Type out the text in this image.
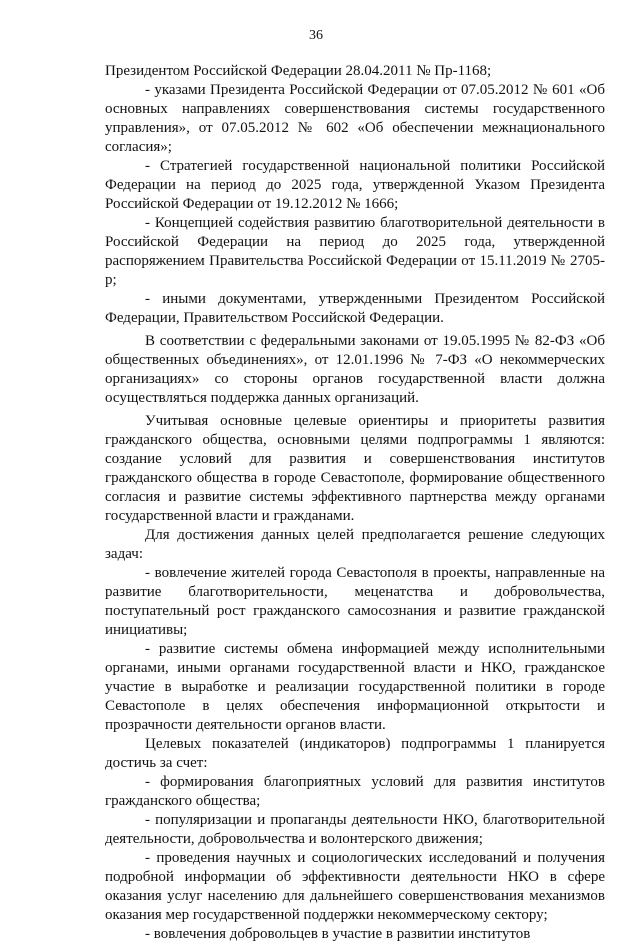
36

Президентом Российской Федерации 28.04.2011 № Пр-1168;

- указами Президента Российской Федерации от 07.05.2012 № 601 «Об основных направлениях совершенствования системы государственного управления», от 07.05.2012 № 602 «Об обеспечении межнационального согласия»;

- Стратегией государственной национальной политики Российской Федерации на период до 2025 года, утвержденной Указом Президента Российской Федерации от 19.12.2012 № 1666;

- Концепцией содействия развитию благотворительной деятельности в Российской Федерации на период до 2025 года, утвержденной распоряжением Правительства Российской Федерации от 15.11.2019 № 2705-р;

- иными документами, утвержденными Президентом Российской Федерации, Правительством Российской Федерации.

В соответствии с федеральными законами от 19.05.1995 № 82-ФЗ «Об общественных объединениях», от 12.01.1996 № 7-ФЗ «О некоммерческих организациях» со стороны органов государственной власти должна осуществляться поддержка данных организаций.

Учитывая основные целевые ориентиры и приоритеты развития гражданского общества, основными целями подпрограммы 1 являются: создание условий для развития и совершенствования институтов гражданского общества в городе Севастополе, формирование общественного согласия и развитие системы эффективного партнерства между органами государственной власти и гражданами.

Для достижения данных целей предполагается решение следующих задач:

- вовлечение жителей города Севастополя в проекты, направленные на развитие благотворительности, меценатства и добровольчества, поступательный рост гражданского самосознания и развитие гражданской инициативы;

- развитие системы обмена информацией между исполнительными органами, иными органами государственной власти и НКО, гражданское участие в выработке и реализации государственной политики в городе Севастополе в целях обеспечения информационной открытости и прозрачности деятельности органов власти.

Целевых показателей (индикаторов) подпрограммы 1 планируется достичь за счет:

- формирования благоприятных условий для развития институтов гражданского общества;

- популяризации и пропаганды деятельности НКО, благотворительной деятельности, добровольчества и волонтерского движения;

- проведения научных и социологических исследований и получения подробной информации об эффективности деятельности НКО в сфере оказания услуг населению для дальнейшего совершенствования механизмов оказания мер государственной поддержки некоммерческому сектору;

- вовлечения добровольцев в участие в развитии институтов
